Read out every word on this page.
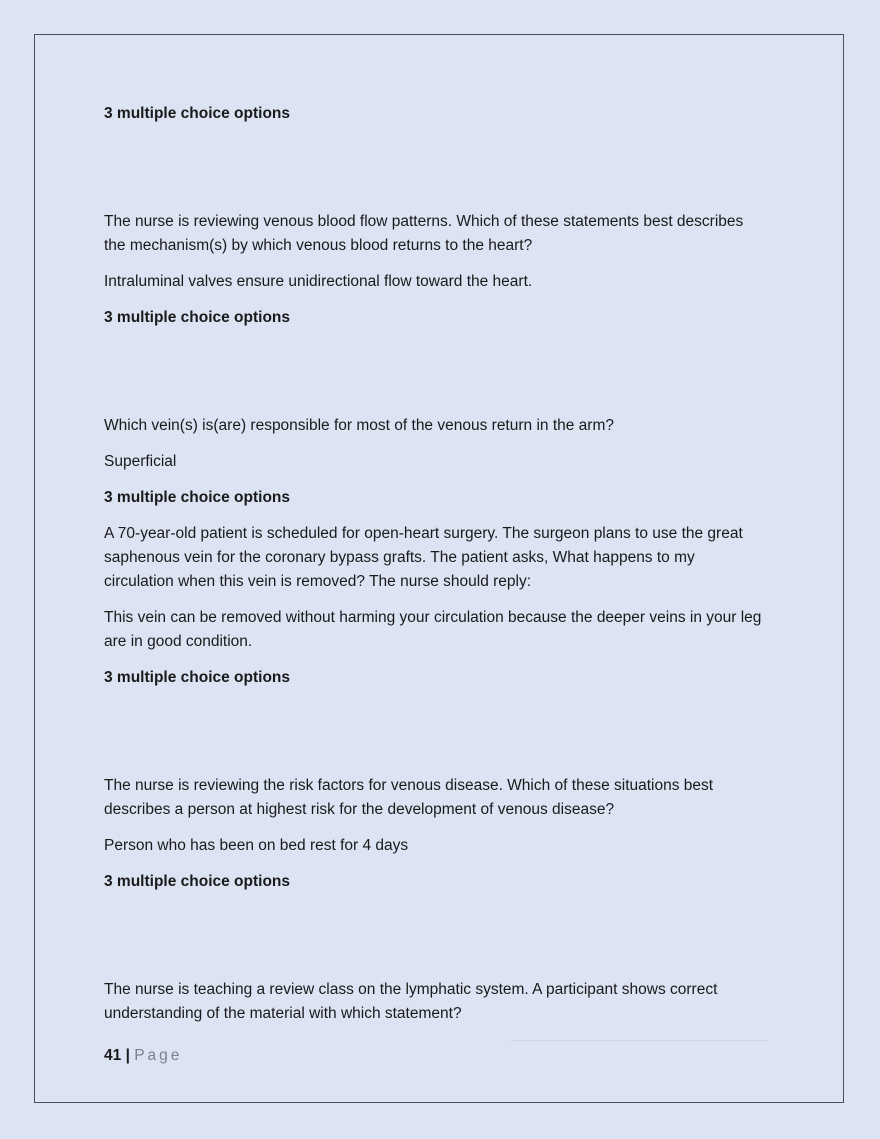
3 multiple choice options

The nurse is reviewing venous blood flow patterns. Which of these statements best describes

the mechanism(s) by which venous blood returns to the heart?

Intraluminal valves ensure unidirectional flow toward the heart.

3 multiple choice options

Which vein(s) is(are) responsible for most of the venous return in the arm?

Superficial

3 multiple choice options

A 70-year-old patient is scheduled for open-heart surgery. The surgeon plans to use the great

saphenous vein for the coronary bypass grafts. The patient asks, What happens to my

circulation when this vein is removed? The nurse should reply:

This vein can be removed without harming your circulation because the deeper veins in your leg

are in good condition.

3 multiple choice options

The nurse is reviewing the risk factors for venous disease. Which of these situations best

describes a person at highest risk for the development of venous disease?

Person who has been on bed rest for 4 days

3 multiple choice options

The nurse is teaching a review class on the lymphatic system. A participant shows correct

understanding of the material with which statement?

41 | Page
